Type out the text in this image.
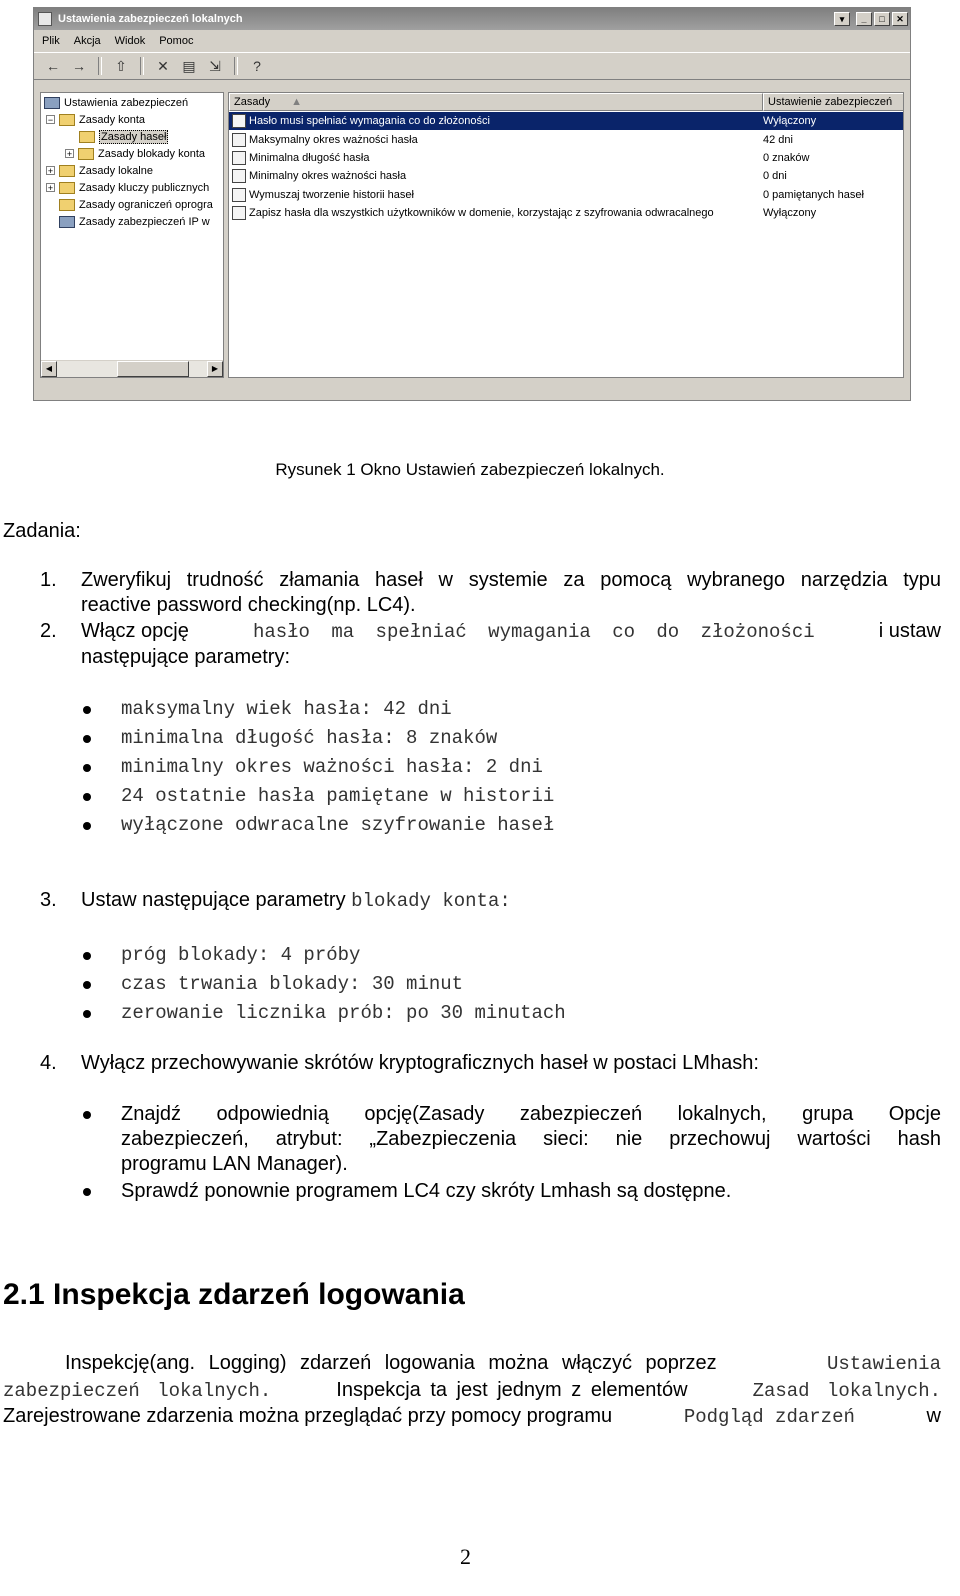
Ustawienia zabezpieczeń lokalnych	▾	_	□	✕
Plik Akcja Widok Pomoc
← →	⇧	✕ ▤ ⇲	?
Ustawienia zabezpieczeń
− Zasady konta
Zasady haseł
+ Zasady blokady konta
+ Zasady lokalne
+ Zasady kluczy publicznych
Zasady ograniczeń oprogra
Zasady zabezpieczeń IP w
◀	▶
Zasady ▲	Ustawienie zabezpieczeń
Hasło musi spełniać wymagania co do złożoności	Wyłączony
Maksymalny okres ważności hasła	42 dni
Minimalna długość hasła	0 znaków
Minimalny okres ważności hasła	0 dni
Wymuszaj tworzenie historii haseł	0 pamiętanych haseł
Zapisz hasła dla wszystkich użytkowników w domenie, korzystając z szyfrowania odwracalnego	Wyłączony
Rysunek 1 Okno Ustawień zabezpieczeń lokalnych.
Zadania:
1. Zweryfikuj trudność złamania haseł w systemie za pomocą wybranego narzędzia typu
reactive password checking(np. LC4).
2. Włącz opcję	hasło ma spełniać wymagania co do złożoności	i ustaw
następujące parametry:
maksymalny wiek hasła: 42 dni
minimalna długość hasła: 8 znaków
minimalny okres ważności hasła: 2 dni
24 ostatnie hasła pamiętane w historii
wyłączone odwracalne szyfrowanie haseł
3. Ustaw następujące parametry blokady konta:
próg blokady: 4 próby
czas trwania blokady: 30 minut
zerowanie licznika prób: po 30 minutach
4. Wyłącz przechowywanie skrótów kryptograficznych haseł w postaci LMhash:
Znajdź odpowiednią opcję(Zasady zabezpieczeń lokalnych, grupa Opcje
zabezpieczeń, atrybut: „Zabezpieczenia sieci: nie przechowuj wartości hash
programu LAN Manager).
Sprawdź ponownie programem LC4 czy skróty Lmhash są dostępne.
2.1 Inspekcja zdarzeń logowania
Inspekcję(ang. Logging) zdarzeń logowania można włączyć poprzez	Ustawienia
zabezpieczeń lokalnych.	Inspekcja ta jest jednym z elementów	Zasad lokalnych.
Zarejestrowane zdarzenia można przeglądać przy pomocy programu	Podgląd zdarzeń	w
2
